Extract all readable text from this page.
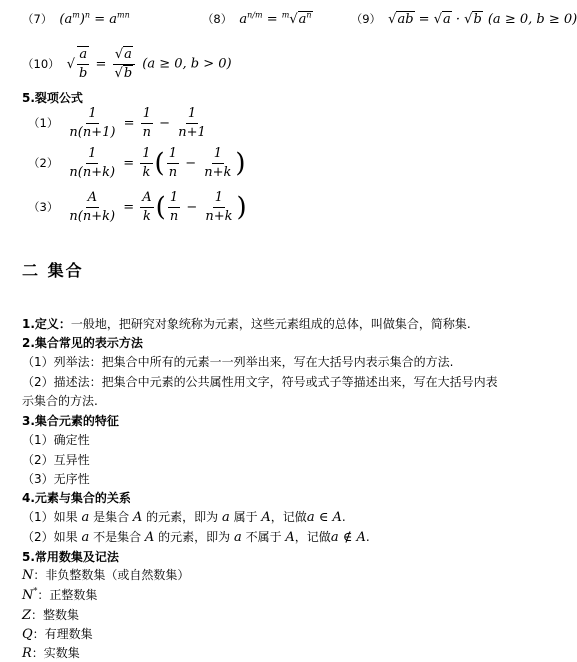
（7） $(a^m)^n = a^{mn}$	（8） $a^{n/m} = ^m√a^n$	（9） √ab = √a · √b (a ≥ 0, b ≥ 0)
（10） √ $\frac{a}{b} = \frac{√a}{√b} (a \ge 0$, b > 0)
5.裂项公式
$(1) \frac{1}{n(n+1)} = \frac{1}{n} - \frac{1}{n+1}$
$(2) \frac{1}{n(n+k)} = \frac{1}{k}$ ( $\frac{1}{n} - \frac{1}{n+k}$ )
$(3) \frac{A}{n(n+k)} = \frac{A}{k}$ ( $\frac{1}{n} - \frac{1}{n+k}$ )
二 集合
1.定义：一般地，把研究对象统称为元素，这些元素组成的总体，叫做集合，简称集.
2.集合常见的表示方法
（1）列举法：把集合中所有的元素一一列举出来，写在大括号内表示集合的方法.
（2）描述法：把集合中元素的公共属性用文字，符号或式子等描述出来，写在大括号内表
示集合的方法.
3.集合元素的特征
（1）确定性
（2）互异性
（3）无序性
4.元素与集合的关系
（1）如果 a 是集合 A 的元素，即为 a 属于 A，记做a ∈ A.
（2）如果 a 不是集合 A 的元素，即为 a 不属于 A，记做a ∉ A.
5.常用数集及记法
N：非负整数集（或自然数集）
N*：正整数集
Z：整数集
Q：有理数集
R：实数集
